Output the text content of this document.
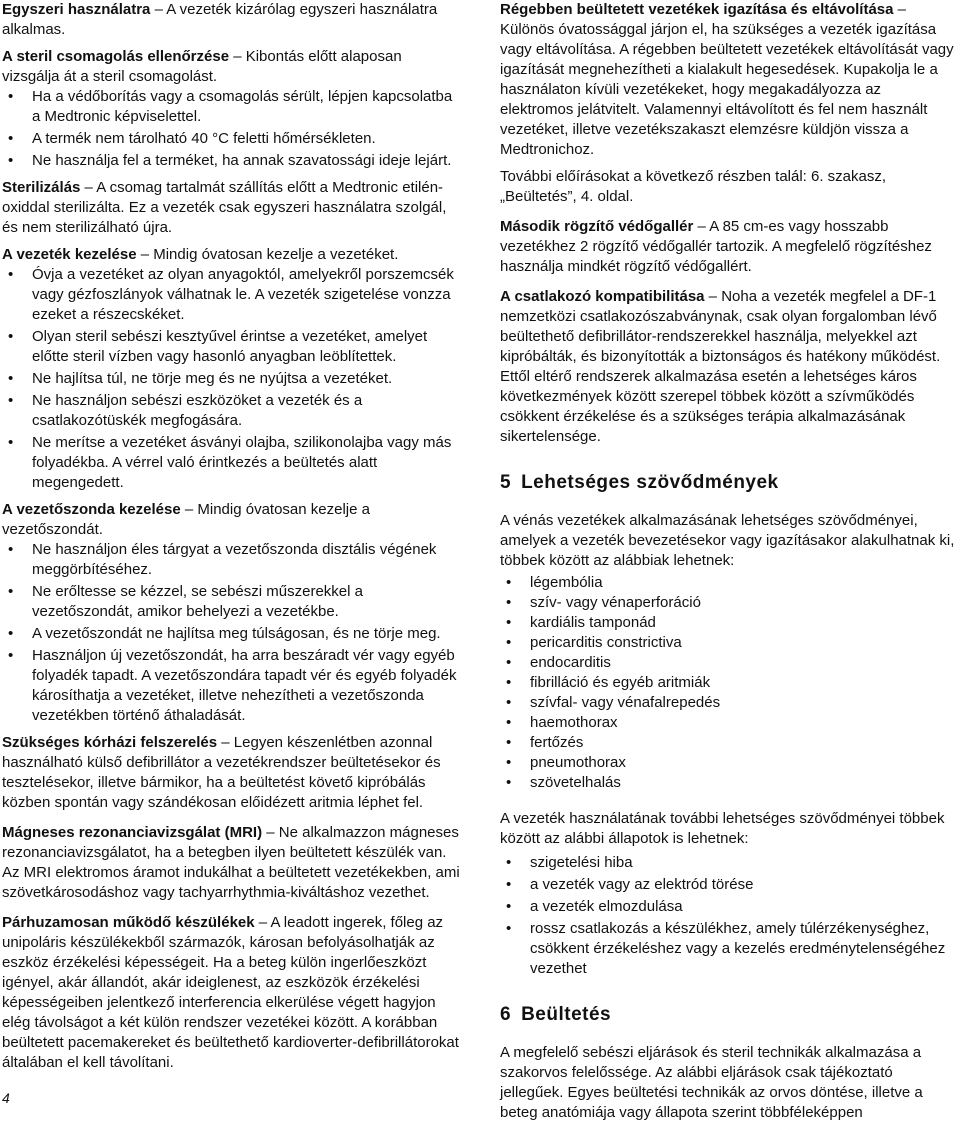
Egyszeri használatra – A vezeték kizárólag egyszeri használatra alkalmas.

A steril csomagolás ellenőrzése – Kibontás előtt alaposan vizsgálja át a steril csomagolást.

• Ha a védőborítás vagy a csomagolás sérült, lépjen kapcsolatba a Medtronic képviselettel.
• A termék nem tárolható 40 °C feletti hőmérsékleten.
• Ne használja fel a terméket, ha annak szavatossági ideje lejárt.

Sterilizálás – A csomag tartalmát szállítás előtt a Medtronic etilén-oxiddal sterilizálta. Ez a vezeték csak egyszeri használatra szolgál, és nem sterilizálható újra.

A vezeték kezelése – Mindig óvatosan kezelje a vezetéket.

• Óvja a vezetéket az olyan anyagoktól, amelyekről porszemcsék vagy gézfoszlányok válhatnak le. A vezeték szigetelése vonzza ezeket a részecskéket.
• Olyan steril sebészi kesztyűvel érintse a vezetéket, amelyet előtte steril vízben vagy hasonló anyagban leöblítettek.
• Ne hajlítsa túl, ne törje meg és ne nyújtsa a vezetéket.
• Ne használjon sebészi eszközöket a vezeték és a csatlakozótüskék megfogására.
• Ne merítse a vezetéket ásványi olajba, szilikonolajba vagy más folyadékba. A vérrel való érintkezés a beültetés alatt megengedett.

A vezetőszonda kezelése – Mindig óvatosan kezelje a vezetőszondát.

• Ne használjon éles tárgyat a vezetőszonda disztális végének meggörbítéséhez.
• Ne erőltesse se kézzel, se sebészi műszerekkel a vezetőszondát, amikor behelyezi a vezetékbe.
• A vezetőszondát ne hajlítsa meg túlságosan, és ne törje meg.
• Használjon új vezetőszondát, ha arra beszáradt vér vagy egyéb folyadék tapadt. A vezetőszondára tapadt vér és egyéb folyadék károsíthatja a vezetéket, illetve nehezítheti a vezetőszonda vezetékben történő áthaladását.

Szükséges kórházi felszerelés – Legyen készenlétben azonnal használható külső defibrillátor a vezetékrendszer beültetésekor és tesztelésekor, illetve bármikor, ha a beültetést követő kipróbálás közben spontán vagy szándékosan előidézett aritmia léphet fel.

Mágneses rezonanciavizsgálat (MRI) – Ne alkalmazzon mágneses rezonanciavizsgálatot, ha a betegben ilyen beültetett készülék van. Az MRI elektromos áramot indukálhat a beültetett vezetékekben, ami szövetkárosodáshoz vagy tachyarrhythmia-kiváltáshoz vezethet.

Párhuzamosan működő készülékek – A leadott ingerek, főleg az unipoláris készülékekből származók, károsan befolyásolhatják az eszköz érzékelési képességeit. Ha a beteg külön ingerlőeszközt igényel, akár állandót, akár ideiglenest, az eszközök érzékelési képességeiben jelentkező interferencia elkerülése végett hagyjon elég távolságot a két külön rendszer vezetékei között. A korábban beültetett pacemakereket és beültethető kardioverter-defibrillátorokat általában el kell távolítani.

Régebben beültetett vezetékek igazítása és eltávolítása – Különös óvatossággal járjon el, ha szükséges a vezeték igazítása vagy eltávolítása. A régebben beültetett vezetékek eltávolítását vagy igazítását megnehezítheti a kialakult hegesedések. Kupakolja le a használaton kívüli vezetékeket, hogy megakadályozza az elektromos jelátvitelt. Valamennyi eltávolított és fel nem használt vezetéket, illetve vezetékszakaszt elemzésre küldjön vissza a Medtronichoz.

További előírásokat a következő részben talál: 6. szakasz, „Beültetés”, 4. oldal.

Második rögzítő védőgallér – A 85 cm-es vagy hosszabb vezetékhez 2 rögzítő védőgallér tartozik. A megfelelő rögzítéshez használja mindkét rögzítő védőgallért.

A csatlakozó kompatibilitása – Noha a vezeték megfelel a DF-1 nemzetközi csatlakozószabványnak, csak olyan forgalomban lévő beültethető defibrillátor-rendszerekkel használja, melyekkel azt kipróbálták, és bizonyították a biztonságos és hatékony működést. Ettől eltérő rendszerek alkalmazása esetén a lehetséges káros következmények között szerepel többek között a szívműködés csökkent érzékelése és a szükséges terápia alkalmazásának sikertelensége.

5 Lehetséges szövődmények

A vénás vezetékek alkalmazásának lehetséges szövődményei, amelyek a vezeték bevezetésekor vagy igazításakor alakulhatnak ki, többek között az alábbiak lehetnek:

• légembólia
• szív- vagy vénaperforáció
• kardiális tamponád
• pericarditis constrictiva
• endocarditis
• fibrilláció és egyéb aritmiák
• szívfal- vagy vénafalrepedés
• haemothorax
• fertőzés
• pneumothorax
• szövetelhalás

A vezeték használatának további lehetséges szövődményei többek között az alábbi állapotok is lehetnek:

• szigetelési hiba
• a vezeték vagy az elektród törése
• a vezeték elmozdulása
• rossz csatlakozás a készülékhez, amely túlérzékenységhez, csökkent érzékeléshez vagy a kezelés eredménytelenségéhez vezethet
6 Beültetés

A megfelelő sebészi eljárások és steril technikák alkalmazása a szakorvos felelőssége. Az alábbi eljárások csak tájékoztató jellegűek. Egyes beültetési technikák az orvos döntése, illetve a beteg anatómiája vagy állapota szerint többféleképpen

4
